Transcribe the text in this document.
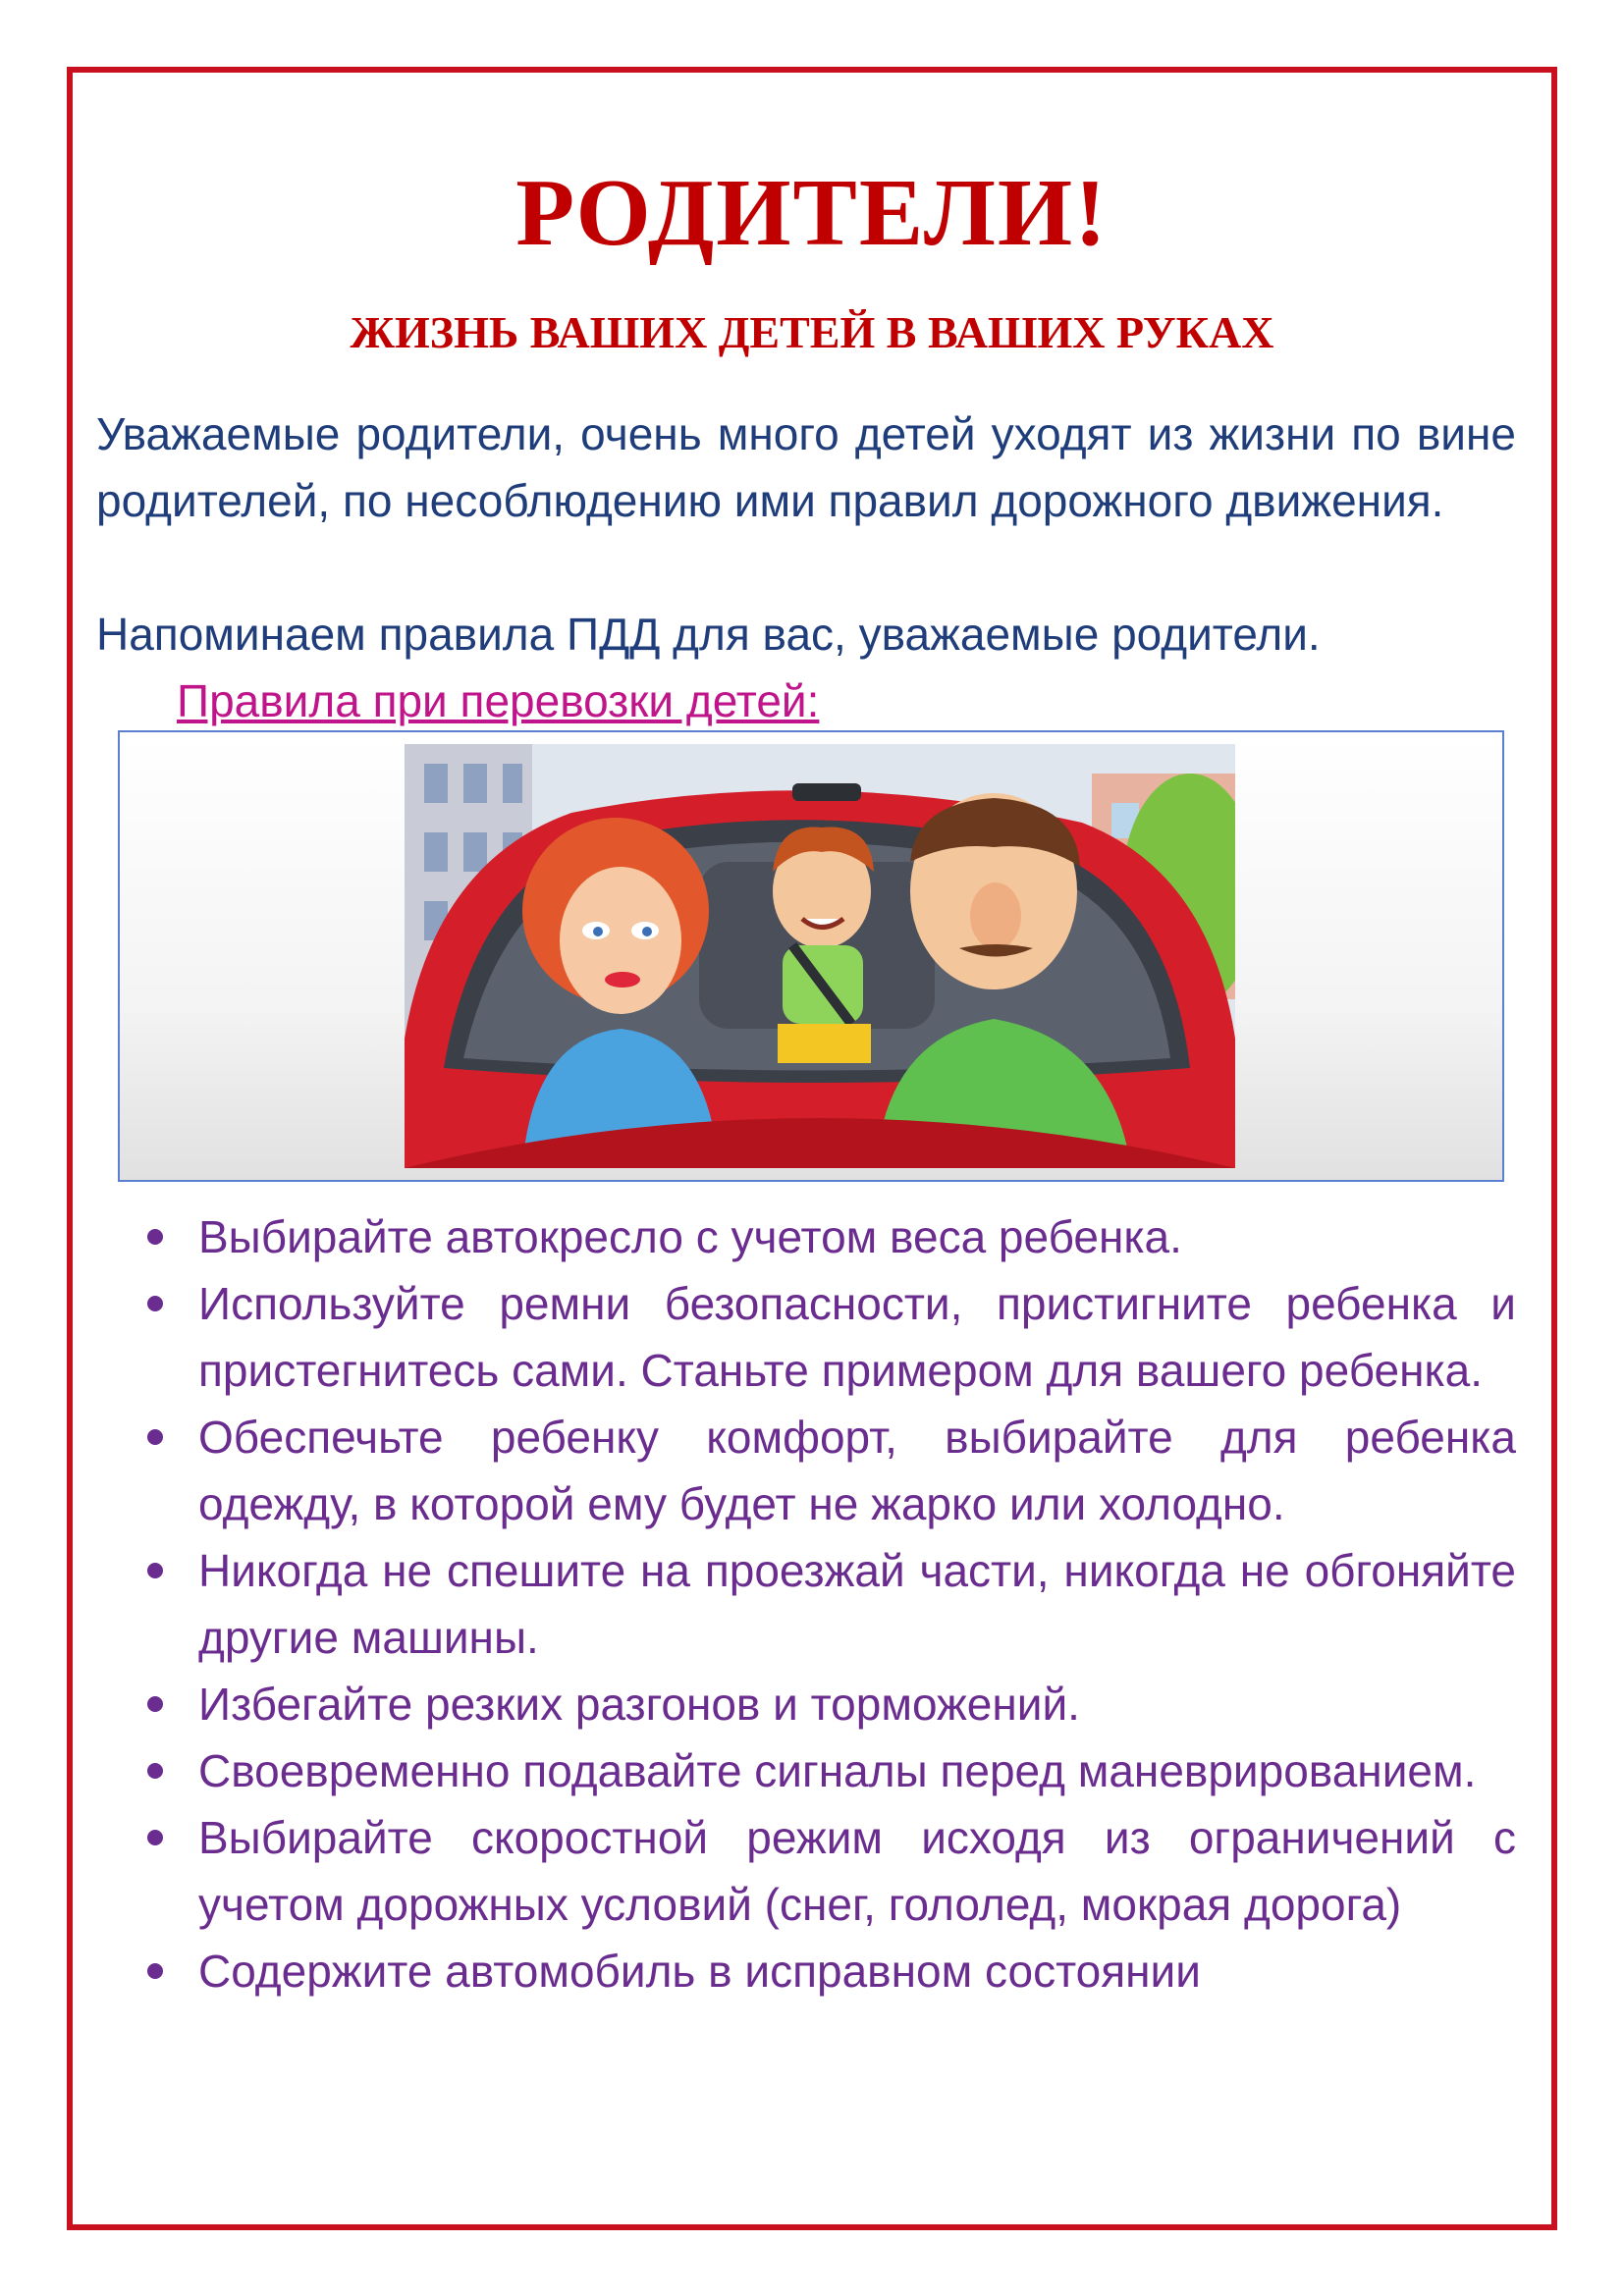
РОДИТЕЛИ!
ЖИЗНЬ ВАШИХ ДЕТЕЙ В ВАШИХ РУКАХ

Уважаемые родители, очень много детей уходят из жизни по вине родителей, по несоблюдению ими правил дорожного движения.

Напоминаем правила ПДД для вас, уважаемые родители.

Правила при перевозки детей:

Выбирайте автокресло с учетом веса ребенка.
Используйте ремни безопасности, пристигните ребенка и пристегнитесь сами. Станьте примером для вашего ребенка.
Обеспечьте ребенку комфорт, выбирайте для ребенка одежду, в которой ему будет не жарко или холодно.
Никогда не спешите на проезжай части, никогда не обгоняйте другие машины.
Избегайте резких разгонов и торможений.
Своевременно подавайте сигналы перед маневрированием.
Выбирайте скоростной режим исходя из ограничений с учетом дорожных условий (снег, гололед, мокрая дорога)
Содержите автомобиль в исправном состоянии
